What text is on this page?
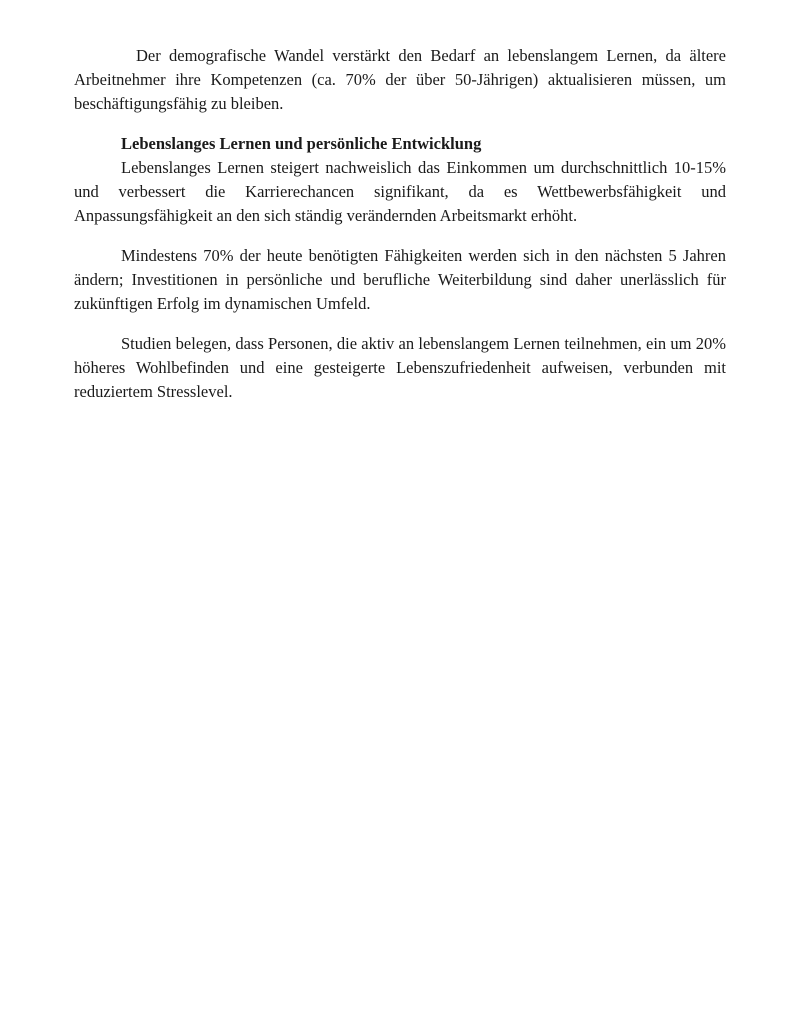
Der demografische Wandel verstärkt den Bedarf an lebenslangem Lernen, da ältere Arbeitnehmer ihre Kompetenzen (ca. 70% der über 50-Jährigen) aktualisieren müssen, um beschäftigungsfähig zu bleiben.

Lebenslanges Lernen und persönliche Entwicklung

Lebenslanges Lernen steigert nachweislich das Einkommen um durchschnittlich 10-15% und verbessert die Karrierechancen signifikant, da es Wettbewerbsfähigkeit und Anpassungsfähigkeit an den sich ständig verändernden Arbeitsmarkt erhöht.

Mindestens 70% der heute benötigten Fähigkeiten werden sich in den nächsten 5 Jahren ändern; Investitionen in persönliche und berufliche Weiterbildung sind daher unerlässlich für zukünftigen Erfolg im dynamischen Umfeld.

Studien belegen, dass Personen, die aktiv an lebenslangem Lernen teilnehmen, ein um 20% höheres Wohlbefinden und eine gesteigerte Lebenszufriedenheit aufweisen, verbunden mit reduziertem Stresslevel.
